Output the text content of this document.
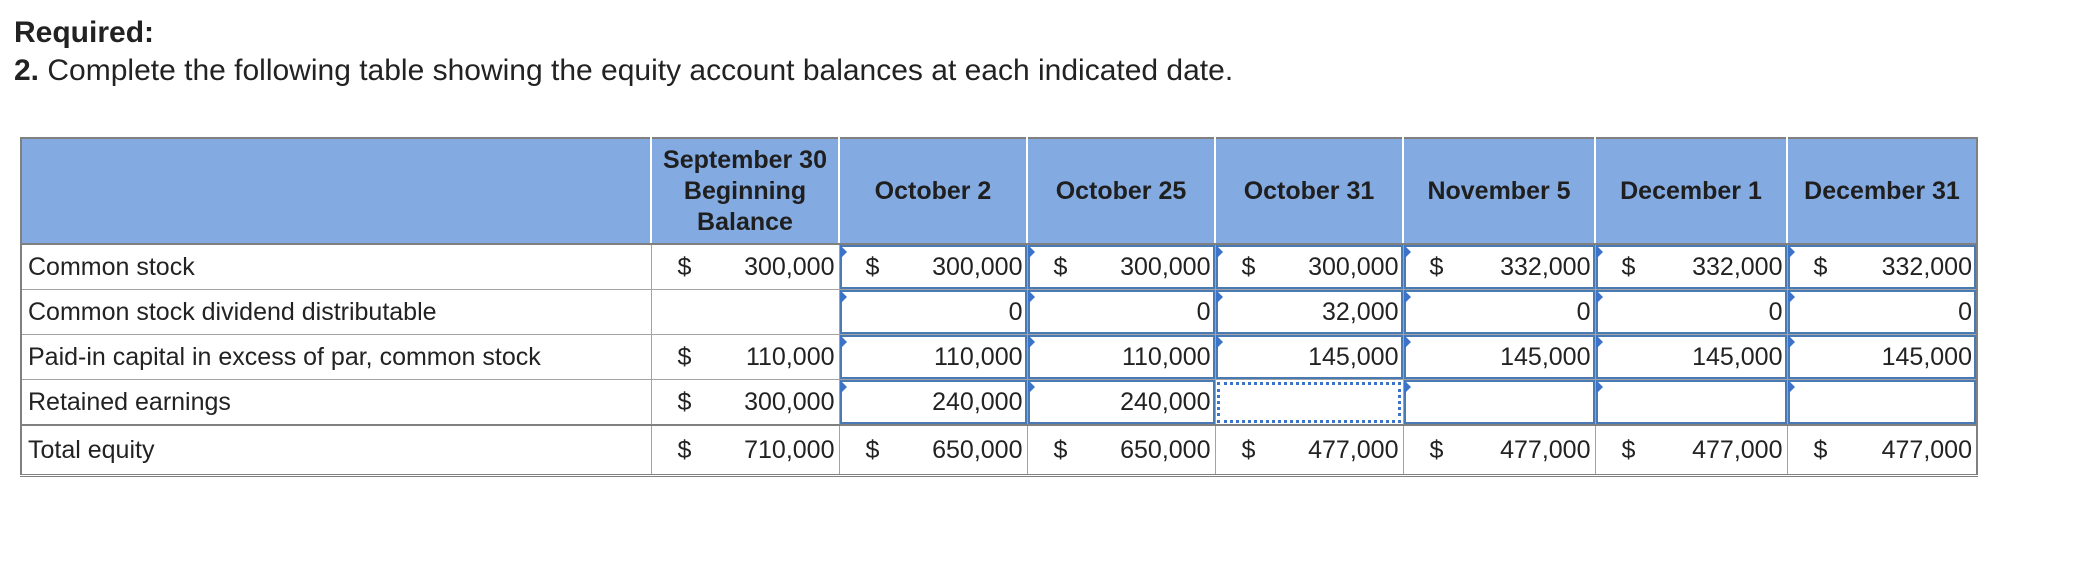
Required:
2. Complete the following table showing the equity account balances at each indicated date.

	September 30
Beginning
Balance	October 2	October 25	October 31	November 5	December 1	December 31
Common stock	$ 300,000	$ 300,000	$ 300,000	$ 300,000	$ 332,000	$ 332,000	$ 332,000

Common stock dividend distributable		0	0	32,000	0	0	0

Paid-in capital in excess of par, common stock	$ 110,000	110,000	110,000	145,000	145,000	145,000	145,000

Retained earnings	$ 300,000	240,000	240,000				

Total equity	$ 710,000	$ 650,000	$ 650,000	$ 477,000	$ 477,000	$ 477,000	$ 477,000
